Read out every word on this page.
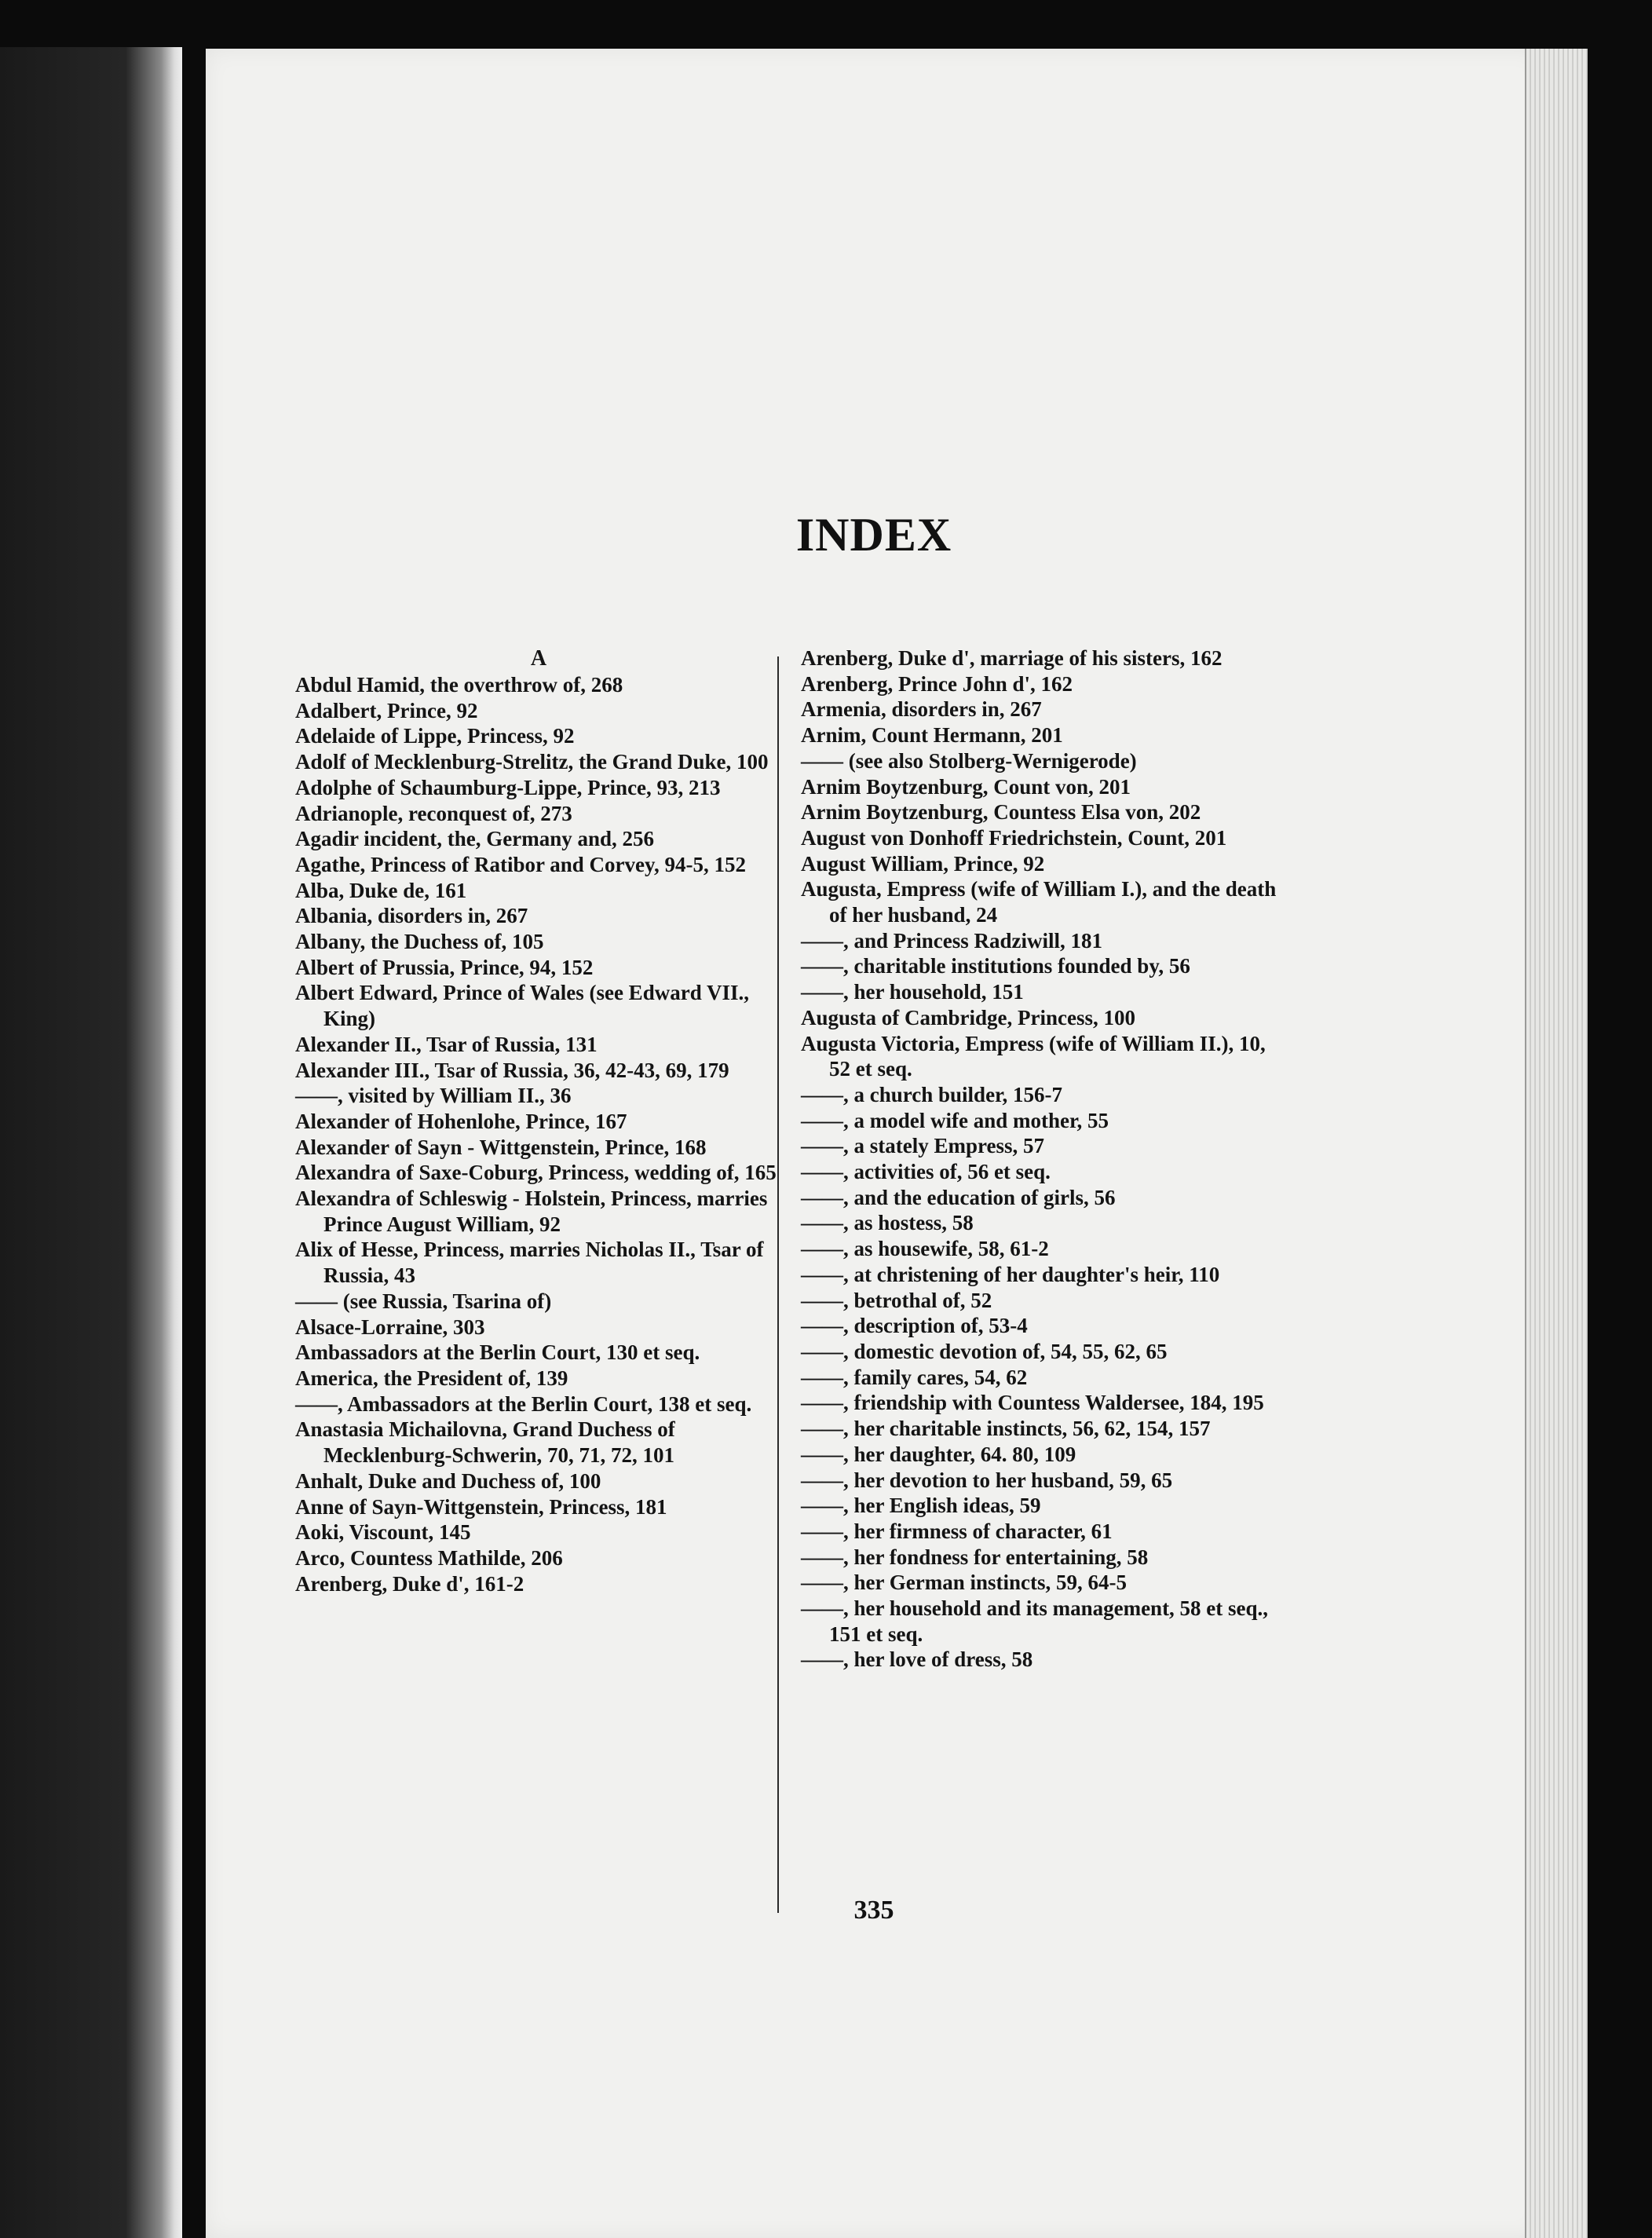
INDEX
A
Abdul Hamid, the overthrow of, 268
Adalbert, Prince, 92
Adelaide of Lippe, Princess, 92
Adolf of Mecklenburg-Strelitz, the Grand Duke, 100
Adolphe of Schaumburg-Lippe, Prince, 93, 213
Adrianople, reconquest of, 273
Agadir incident, the, Germany and, 256
Agathe, Princess of Ratibor and Corvey, 94-5, 152
Alba, Duke de, 161
Albania, disorders in, 267
Albany, the Duchess of, 105
Albert of Prussia, Prince, 94, 152
Albert Edward, Prince of Wales (see Edward VII., King)
Alexander II., Tsar of Russia, 131
Alexander III., Tsar of Russia, 36, 42-43, 69, 179
——, visited by William II., 36
Alexander of Hohenlohe, Prince, 167
Alexander of Sayn - Wittgenstein, Prince, 168
Alexandra of Saxe-Coburg, Princess, wedding of, 165
Alexandra of Schleswig - Holstein, Princess, marries Prince August William, 92
Alix of Hesse, Princess, marries Nicholas II., Tsar of Russia, 43
—— (see Russia, Tsarina of)
Alsace-Lorraine, 303
Ambassadors at the Berlin Court, 130 et seq.
America, the President of, 139
——, Ambassadors at the Berlin Court, 138 et seq.
Anastasia Michailovna, Grand Duchess of Mecklenburg-Schwerin, 70, 71, 72, 101
Anhalt, Duke and Duchess of, 100
Anne of Sayn-Wittgenstein, Princess, 181
Aoki, Viscount, 145
Arco, Countess Mathilde, 206
Arenberg, Duke d', 161-2
Arenberg, Duke d', marriage of his sisters, 162
Arenberg, Prince John d', 162
Armenia, disorders in, 267
Arnim, Count Hermann, 201
—— (see also Stolberg-Wernigerode)
Arnim Boytzenburg, Count von, 201
Arnim Boytzenburg, Countess Elsa von, 202
August von Donhoff Friedrichstein, Count, 201
August William, Prince, 92
Augusta, Empress (wife of William I.), and the death of her husband, 24
——, and Princess Radziwill, 181
——, charitable institutions founded by, 56
——, her household, 151
Augusta of Cambridge, Princess, 100
Augusta Victoria, Empress (wife of William II.), 10, 52 et seq.
——, a church builder, 156-7
——, a model wife and mother, 55
——, a stately Empress, 57
——, activities of, 56 et seq.
——, and the education of girls, 56
——, as hostess, 58
——, as housewife, 58, 61-2
——, at christening of her daughter's heir, 110
——, betrothal of, 52
——, description of, 53-4
——, domestic devotion of, 54, 55, 62, 65
——, family cares, 54, 62
——, friendship with Countess Waldersee, 184, 195
——, her charitable instincts, 56, 62, 154, 157
——, her daughter, 64. 80, 109
——, her devotion to her husband, 59, 65
——, her English ideas, 59
——, her firmness of character, 61
——, her fondness for entertaining, 58
——, her German instincts, 59, 64-5
——, her household and its management, 58 et seq., 151 et seq.
——, her love of dress, 58
335
